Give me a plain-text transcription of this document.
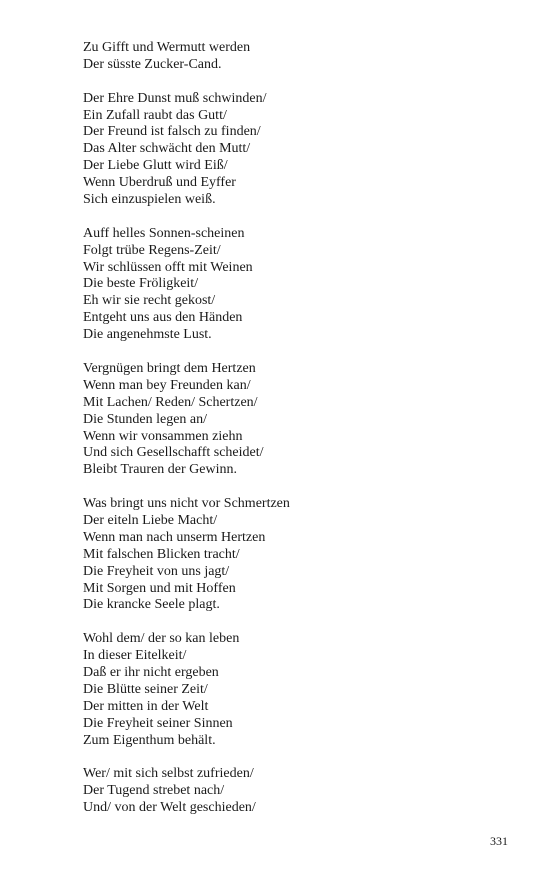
Zu Gifft und Wermutt werden
Der süsste Zucker-Cand.
Der Ehre Dunst muß schwinden/
Ein Zufall raubt das Gutt/
Der Freund ist falsch zu finden/
Das Alter schwächt den Mutt/
Der Liebe Glutt wird Eiß/
Wenn Uberdruß und Eyffer
Sich einzuspielen weiß.
Auff helles Sonnen-scheinen
Folgt trübe Regens-Zeit/
Wir schlüssen offt mit Weinen
Die beste Fröligkeit/
Eh wir sie recht gekost/
Entgeht uns aus den Händen
Die angenehmste Lust.
Vergnügen bringt dem Hertzen
Wenn man bey Freunden kan/
Mit Lachen/ Reden/ Schertzen/
Die Stunden legen an/
Wenn wir vonsammen ziehn
Und sich Gesellschafft scheidet/
Bleibt Trauren der Gewinn.
Was bringt uns nicht vor Schmertzen
Der eiteln Liebe Macht/
Wenn man nach unserm Hertzen
Mit falschen Blicken tracht/
Die Freyheit von uns jagt/
Mit Sorgen und mit Hoffen
Die krancke Seele plagt.
Wohl dem/ der so kan leben
In dieser Eitelkeit/
Daß er ihr nicht ergeben
Die Blütte seiner Zeit/
Der mitten in der Welt
Die Freyheit seiner Sinnen
Zum Eigenthum behält.
Wer/ mit sich selbst zufrieden/
Der Tugend strebet nach/
Und/ von der Welt geschieden/
331
